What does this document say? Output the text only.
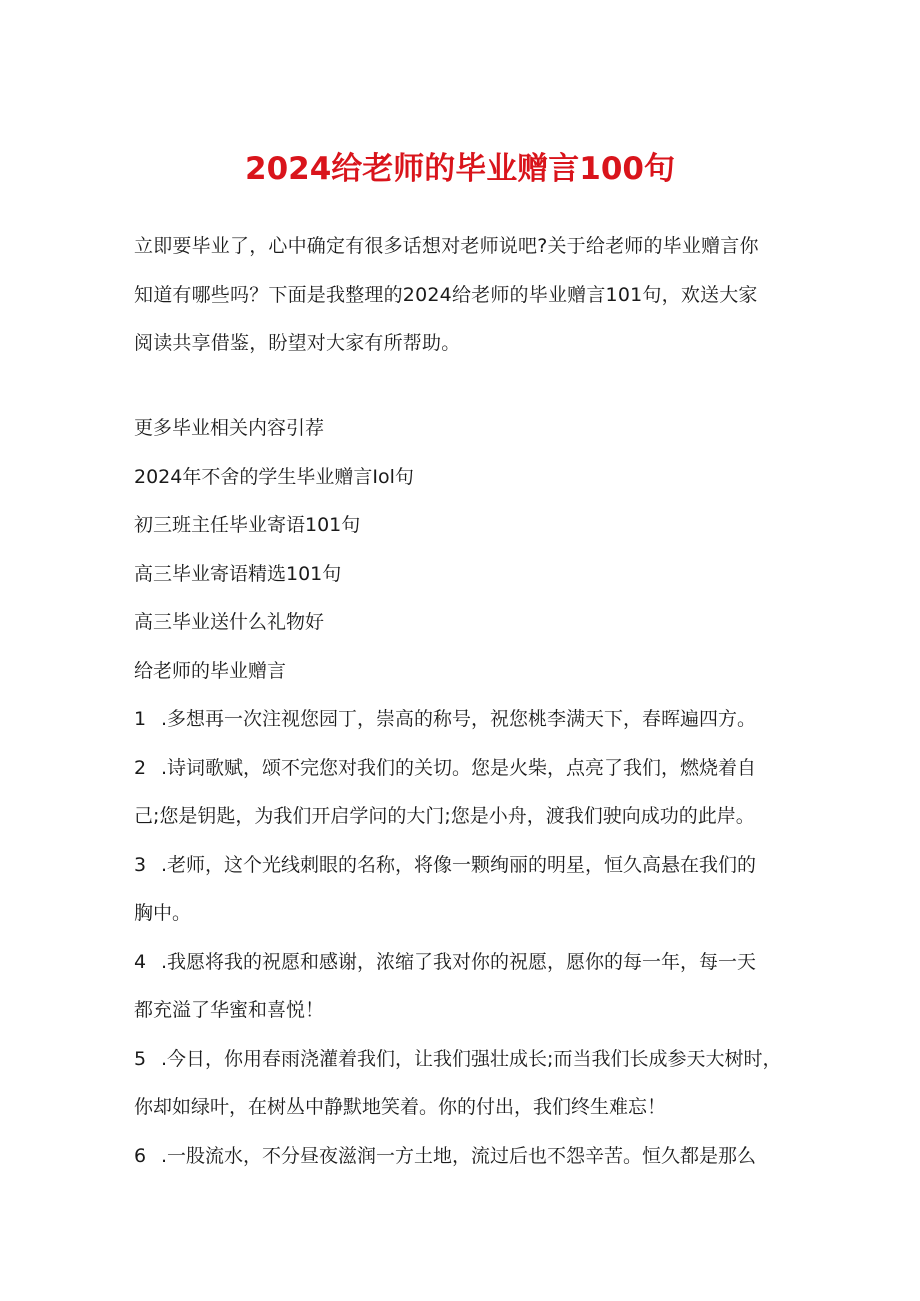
2024给老师的毕业赠言100句
立即要毕业了，心中确定有很多话想对老师说吧?关于给老师的毕业赠言你
知道有哪些吗？下面是我整理的2024给老师的毕业赠言101句，欢送大家
阅读共享借鉴，盼望对大家有所帮助。
更多毕业相关内容引荐
2024年不舍的学生毕业赠言Iol句
初三班主任毕业寄语101句
高三毕业寄语精选101句
高三毕业送什么礼物好
给老师的毕业赠言
1 .多想再一次注视您园丁，崇高的称号，祝您桃李满天下，春晖遍四方。
2 .诗词歌赋，颂不完您对我们的关切。您是火柴，点亮了我们，燃烧着自
己;您是钥匙，为我们开启学问的大门;您是小舟，渡我们驶向成功的此岸。
3 .老师，这个光线刺眼的名称，将像一颗绚丽的明星，恒久高悬在我们的
胸中。
4 .我愿将我的祝愿和感谢，浓缩了我对你的祝愿，愿你的每一年，每一天
都充溢了华蜜和喜悦！
5 .今日，你用春雨浇灌着我们，让我们强壮成长;而当我们长成参天大树时，
你却如绿叶，在树丛中静默地笑着。你的付出，我们终生难忘！
6 .一股流水，不分昼夜滋润一方土地，流过后也不怨辛苦。恒久都是那么
